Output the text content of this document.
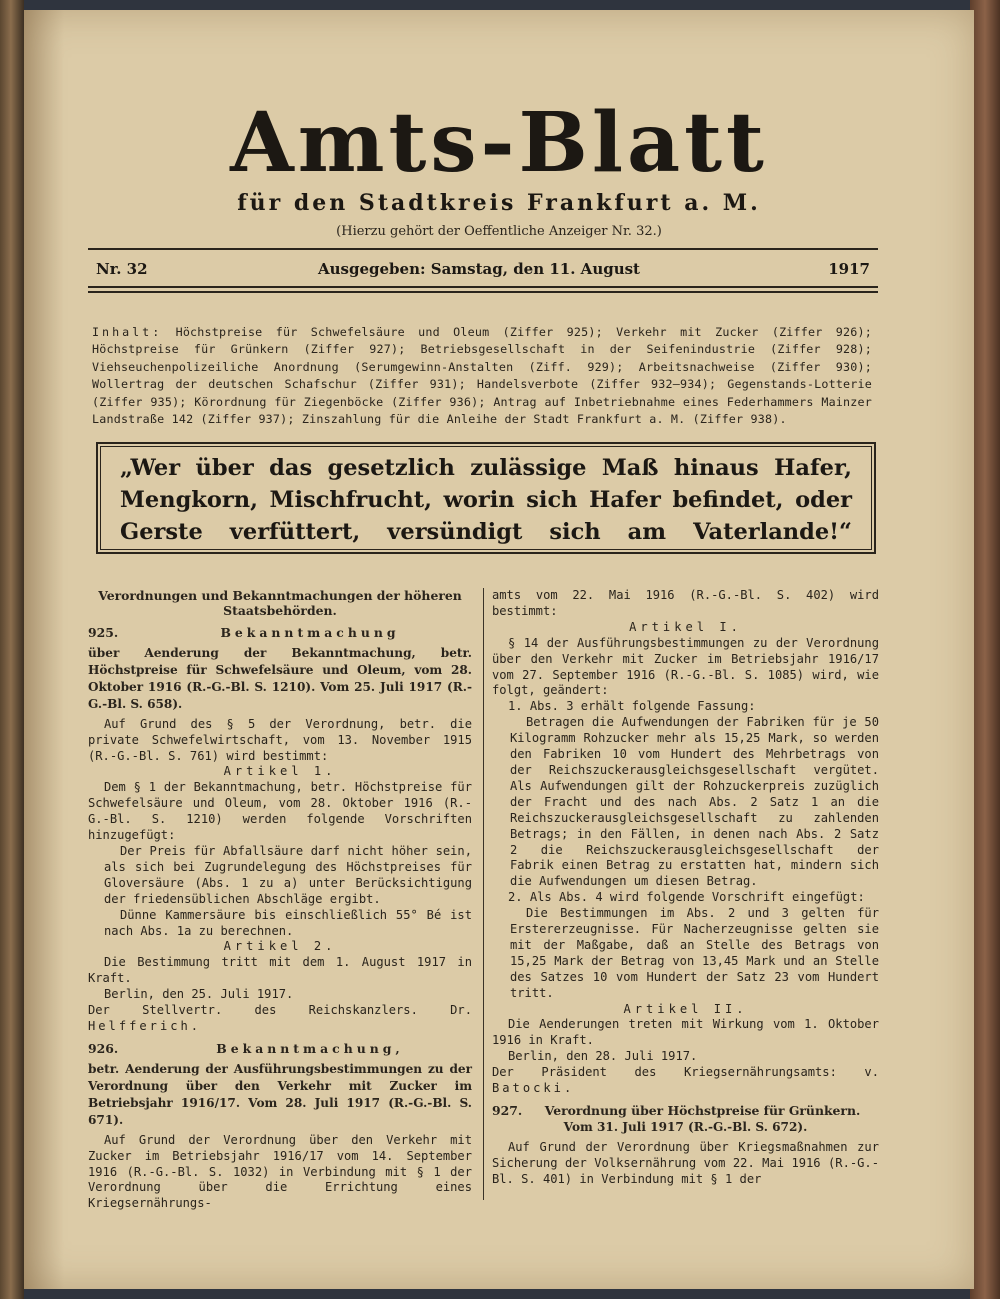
Amts-Blatt
für den Stadtkreis Frankfurt a. M.
(Hierzu gehört der Oeffentliche Anzeiger Nr. 32.)
Nr. 32	Ausgegeben: Samstag, den 11. August	1917
Inhalt: Höchstpreise für Schwefelsäure und Oleum (Ziffer 925); Verkehr mit Zucker (Ziffer 926); Höchstpreise für Grünkern (Ziffer 927); Betriebsgesellschaft in der Seifenindustrie (Ziffer 928); Viehseuchenpolizeiliche Anordnung (Serumgewinn-Anstalten (Ziff. 929); Arbeitsnachweise (Ziffer 930); Wollertrag der deutschen Schafschur (Ziffer 931); Handelsverbote (Ziffer 932—934); Gegenstands-Lotterie (Ziffer 935); Körordnung für Ziegenböcke (Ziffer 936); Antrag auf Inbetriebnahme eines Federhammers Mainzer Landstraße 142 (Ziffer 937); Zinszahlung für die Anleihe der Stadt Frankfurt a. M. (Ziffer 938).

„Wer über das gesetzlich zulässige Maß hinaus Hafer, Mengkorn, Mischfrucht, worin sich Hafer befindet, oder Gerste verfüttert, versündigt sich am Vaterlande!“

Verordnungen und Bekanntmachungen der höheren Staatsbehörden.

925.	Bekanntmachung

über Aenderung der Bekanntmachung, betr. Höchstpreise für Schwefelsäure und Oleum, vom 28. Oktober 1916 (R.-G.-Bl. S. 1210). Vom 25. Juli 1917 (R.-G.-Bl. S. 658).

Auf Grund des § 5 der Verordnung, betr. die private Schwefelwirtschaft, vom 13. November 1915 (R.-G.-Bl. S. 761) wird bestimmt:

Artikel 1.

Dem § 1 der Bekanntmachung, betr. Höchstpreise für Schwefelsäure und Oleum, vom 28. Oktober 1916 (R.-G.-Bl. S. 1210) werden folgende Vorschriften hinzugefügt:

Der Preis für Abfallsäure darf nicht höher sein, als sich bei Zugrundelegung des Höchstpreises für Gloversäure (Abs. 1 zu a) unter Berücksichtigung der friedensüblichen Abschläge ergibt.

Dünne Kammersäure bis einschließlich 55° Bé ist nach Abs. 1a zu berechnen.

Artikel 2.

Die Bestimmung tritt mit dem 1. August 1917 in Kraft.

Berlin, den 25. Juli 1917.

Der Stellvertr. des Reichskanzlers. Dr. Helfferich.

926.	Bekanntmachung,

betr. Aenderung der Ausführungsbestimmungen zu der Verordnung über den Verkehr mit Zucker im Betriebsjahr 1916/17. Vom 28. Juli 1917 (R.-G.-Bl. S. 671).

Auf Grund der Verordnung über den Verkehr mit Zucker im Betriebsjahr 1916/17 vom 14. September 1916 (R.-G.-Bl. S. 1032) in Verbindung mit § 1 der Verordnung über die Errichtung eines Kriegsernährungs-

amts vom 22. Mai 1916 (R.-G.-Bl. S. 402) wird bestimmt:

Artikel I.

§ 14 der Ausführungsbestimmungen zu der Verordnung über den Verkehr mit Zucker im Betriebsjahr 1916/17 vom 27. September 1916 (R.-G.-Bl. S. 1085) wird, wie folgt, geändert:

1. Abs. 3 erhält folgende Fassung:

Betragen die Aufwendungen der Fabriken für je 50 Kilogramm Rohzucker mehr als 15,25 Mark, so werden den Fabriken 10 vom Hundert des Mehrbetrags von der Reichszuckerausgleichsgesellschaft vergütet. Als Aufwendungen gilt der Rohzuckerpreis zuzüglich der Fracht und des nach Abs. 2 Satz 1 an die Reichszuckerausgleichsgesellschaft zu zahlenden Betrags; in den Fällen, in denen nach Abs. 2 Satz 2 die Reichszuckerausgleichsgesellschaft der Fabrik einen Betrag zu erstatten hat, mindern sich die Aufwendungen um diesen Betrag.

2. Als Abs. 4 wird folgende Vorschrift eingefügt:

Die Bestimmungen im Abs. 2 und 3 gelten für Erstererzeugnisse. Für Nacherzeugnisse gelten sie mit der Maßgabe, daß an Stelle des Betrags von 15,25 Mark der Betrag von 13,45 Mark und an Stelle des Satzes 10 vom Hundert der Satz 23 vom Hundert tritt.

Artikel II.

Die Aenderungen treten mit Wirkung vom 1. Oktober 1916 in Kraft.

Berlin, den 28. Juli 1917.

Der Präsident des Kriegsernährungsamts: v. Batocki.

927.	Verordnung über Höchstpreise für Grünkern.

Vom 31. Juli 1917 (R.-G.-Bl. S. 672).

Auf Grund der Verordnung über Kriegsmaßnahmen zur Sicherung der Volksernährung vom 22. Mai 1916 (R.-G.-Bl. S. 401) in Verbindung mit § 1 der
